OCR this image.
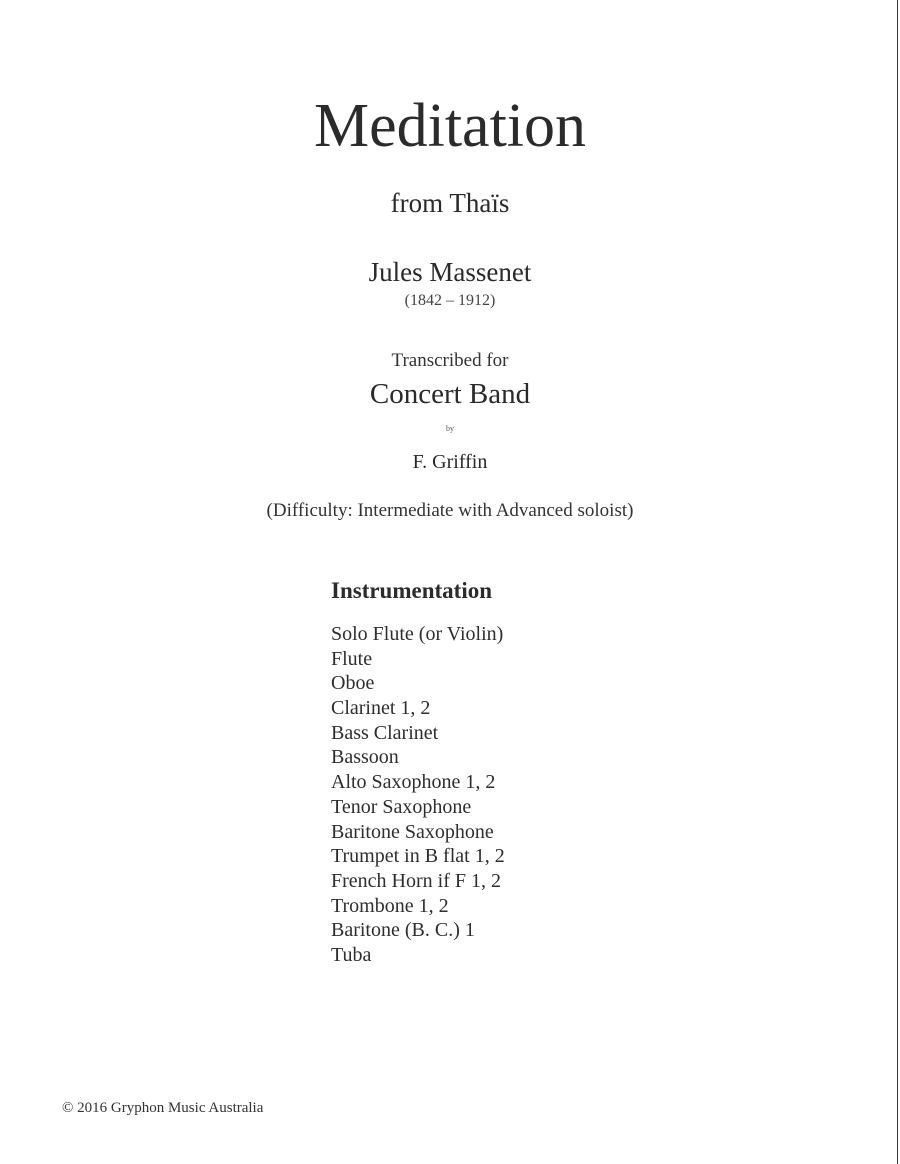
Meditation
from Thaïs
Jules Massenet
(1842 – 1912)
Transcribed for
Concert Band
by
F. Griffin
(Difficulty: Intermediate with Advanced soloist)
Instrumentation
Solo Flute (or Violin)
Flute
Oboe
Clarinet 1, 2
Bass Clarinet
Bassoon
Alto Saxophone 1, 2
Tenor Saxophone
Baritone Saxophone
Trumpet in B flat 1, 2
French Horn if F 1, 2
Trombone 1, 2
Baritone (B. C.) 1
Tuba
© 2016 Gryphon Music Australia
